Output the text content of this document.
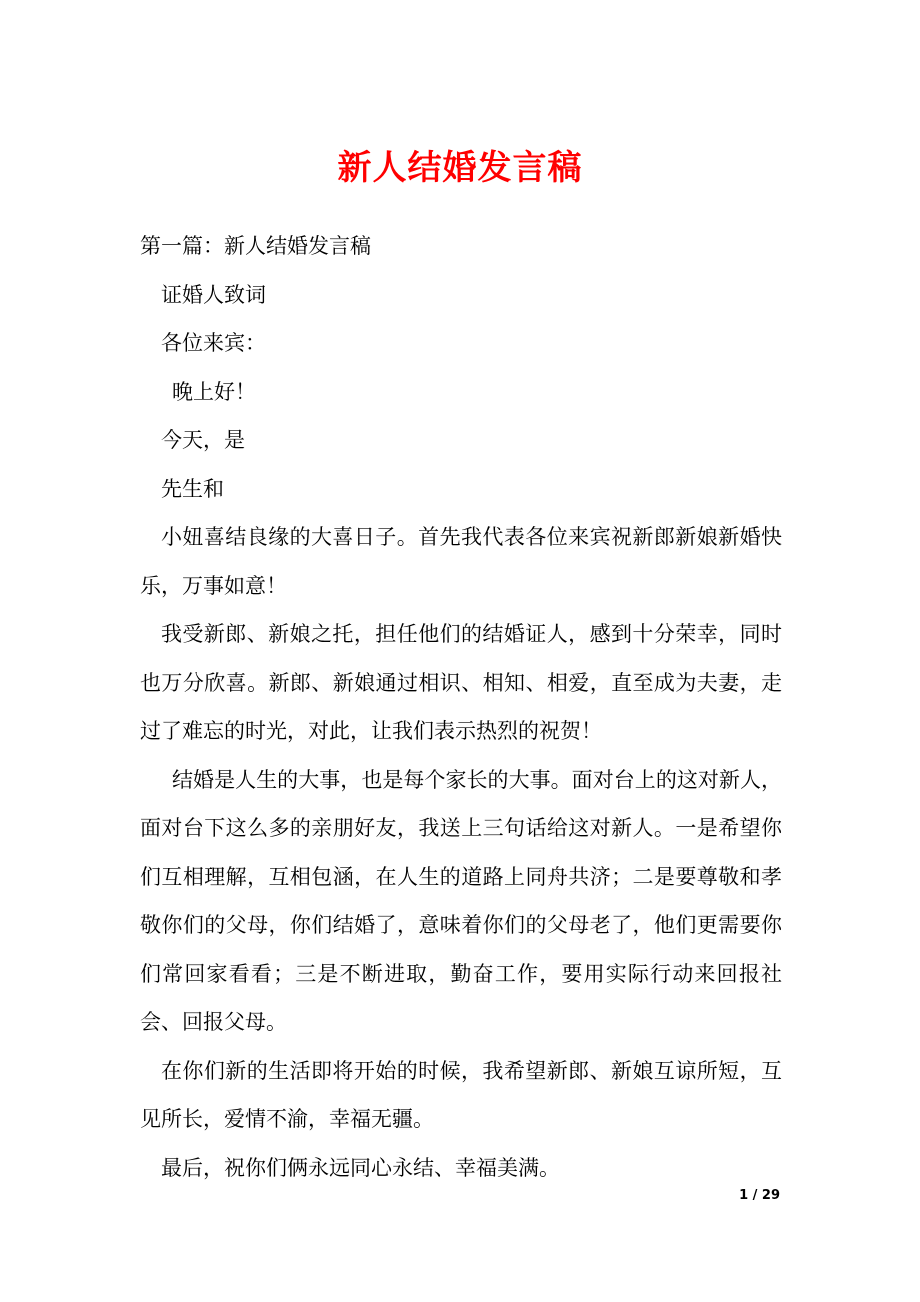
新人结婚发言稿

第一篇：新人结婚发言稿

证婚人致词

各位来宾：

晚上好！

今天，是

先生和

小妞喜结良缘的大喜日子。首先我代表各位来宾祝新郎新娘新婚快乐，万事如意！

我受新郎、新娘之托，担任他们的结婚证人，感到十分荣幸，同时也万分欣喜。新郎、新娘通过相识、相知、相爱，直至成为夫妻，走过了难忘的时光，对此，让我们表示热烈的祝贺！

结婚是人生的大事，也是每个家长的大事。面对台上的这对新人，面对台下这么多的亲朋好友，我送上三句话给这对新人。一是希望你们互相理解，互相包涵，在人生的道路上同舟共济；二是要尊敬和孝敬你们的父母，你们结婚了，意味着你们的父母老了，他们更需要你们常回家看看；三是不断进取，勤奋工作，要用实际行动来回报社会、回报父母。

在你们新的生活即将开始的时候，我希望新郎、新娘互谅所短，互见所长，爱情不渝，幸福无疆。

最后，祝你们俩永远同心永结、幸福美满。

1 / 29
